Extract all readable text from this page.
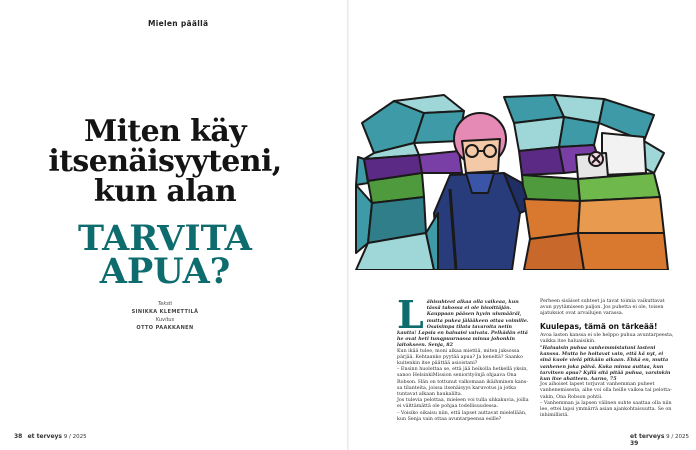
Mielen päällä
Miten käy
itsenäisyyteni,
kun alan
TARVITA
APUA?
Teksti
SINIKKA KLEMETTILÄ
Kuvitus
OTTO PAAKKANEN
38 et terveys 9 / 2025	et terveys 9 / 2025   39
L ähisuhteet alkaa olla vaikeaa, kun tässä tahossa ei ole hisoittäjän. Kauppaan pääsen hyvin ulumääräl, mutta pukea jälääkeen ottaa voimille. Osaisimpa tilata tavaroita netin kautta! Lapsia en haluaisi vaivata. Pelkädän että he ovat heti tunqpuurnassa minua johonkin laitokseen. Senja, 82

Kun ikää tulee, moni alkaa miettiä, miten jaksossa pärjää. Kehtaanko pyytää apua? Ja keneltä? Saanko kuitenkin itse päättää asioistani?

– Ensinn huolettaa se, että jää heikolla hetkellä yksin, sanoo HelsinkiMission seniorityönjä ohjaava Ona Robson. Hän on tottunut valkomaan ikäihminen kanssa tilanteita, joissa itsenäisyys karuvotus ja jotka tuntavat alkaan haukalilta.

Jos tulevia pelottaa, mieleen voi tulla uhkakuvia, joilla ei välttämättä ole pohjaa todellisuudessa.

– Voisiko oikaisu niin, että lapset auttavat mielellään, kun Senja vain ottaa avuntarpeensa esille?

Perheen sisäiset suhteet ja tavat toimia vaikuttavat avun pyytämiseen paljon. Jos puhetta ei ole, toisen ajatuksiot ovat arvailujen varassa.

Kuulepas, tämä on tärkeää!

Avoa lasten kanssa ei ole helppo puhua avuntarpeesta, vaikka itse haluaisikin.

"Haluaisin puhua vanhemmistatuni lasteni kanssa. Mutta he hoitavat vain, että kä nyt, ei sinä kuole vielä pitkään aikaan. Ehkä en, mutta vanhenen joka päivä. Kuka minua auttaa, kun tarvitsen apua? Kyllä sitä pitää puhua, varsinkin kun itse ahatteen. Aarno, 75

Jos aihoiset lapset torjuvat vanhemman puheet vanhenemisesta, aihe voi olla heille vaikea tai pelottavakin, Ona Robson pohtii.

– Vanhemman ja lapsen välinen suhte saattaa olla niin lee, ettei lapsi ymmärrä asian ajankohtaisuutta. Se on inhimillistä.
